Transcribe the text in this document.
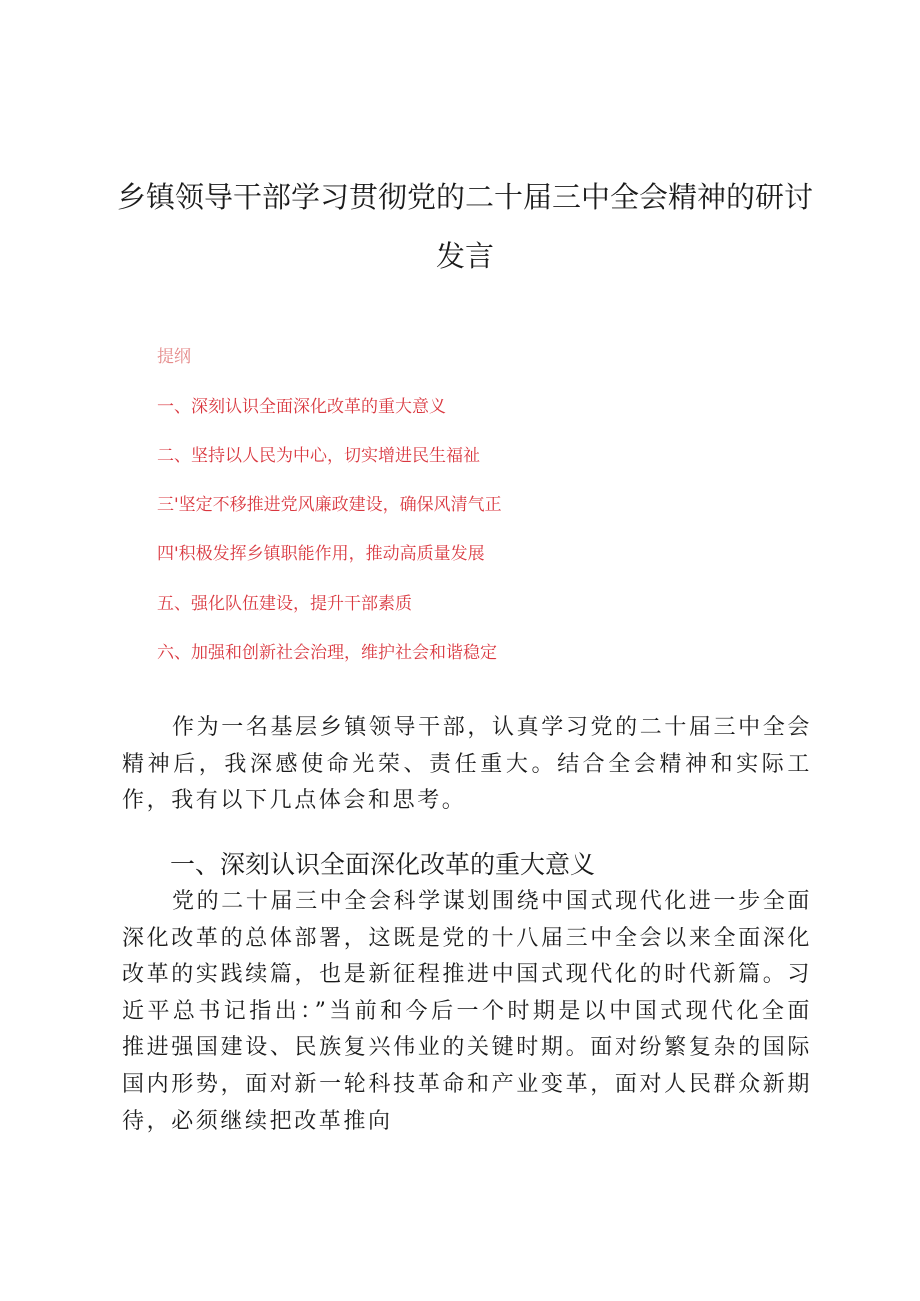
乡镇领导干部学习贯彻党的二十届三中全会精神的研讨
发言
提纲
一、深刻认识全面深化改革的重大意义
二、坚持以人民为中心，切实增进民生福祉
三'坚定不移推进党风廉政建设，确保风清气正
四'积极发挥乡镇职能作用，推动高质量发展
五、强化队伍建设，提升干部素质
六、加强和创新社会治理，维护社会和谐稳定
作为一名基层乡镇领导干部，认真学习党的二十届三中全会精神后，我深感使命光荣、责任重大。结合全会精神和实际工作，我有以下几点体会和思考。
一、深刻认识全面深化改革的重大意义
党的二十届三中全会科学谋划围绕中国式现代化进一步全面深化改革的总体部署，这既是党的十八届三中全会以来全面深化改革的实践续篇，也是新征程推进中国式现代化的时代新篇。习近平总书记指出：”当前和今后一个时期是以中国式现代化全面推进强国建设、民族复兴伟业的关键时期。面对纷繁复杂的国际国内形势，面对新一轮科技革命和产业变革，面对人民群众新期待，必须继续把改革推向
